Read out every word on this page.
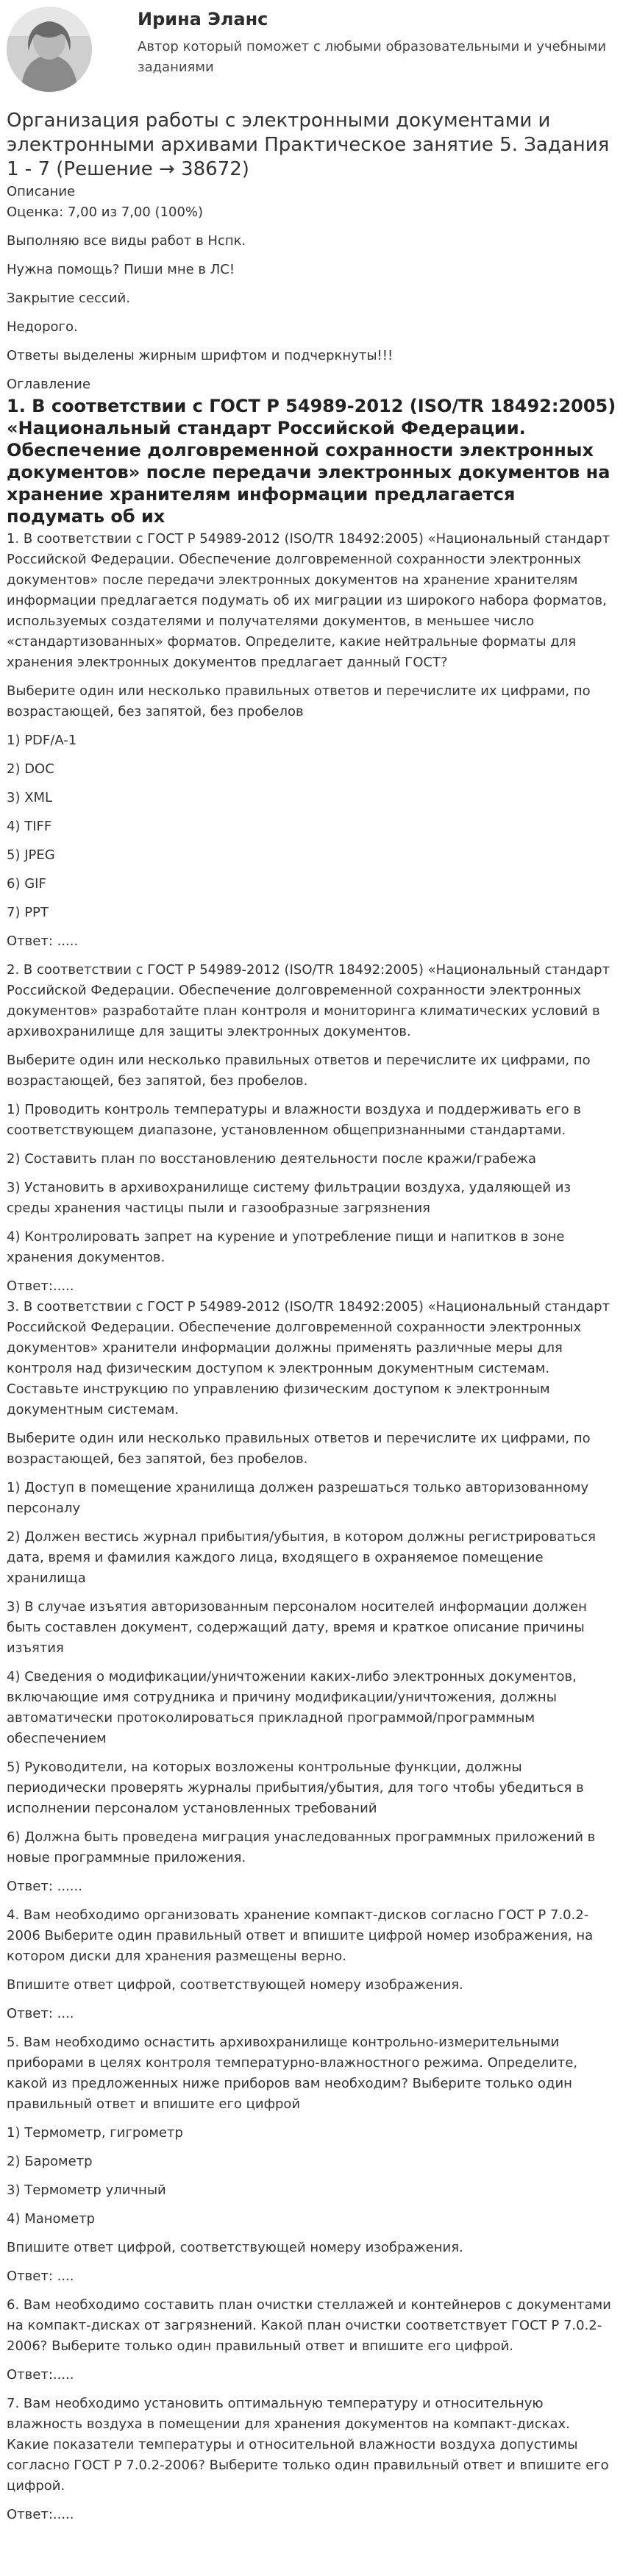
Ирина Эланс
Автор который поможет с любыми образовательными и учебными заданиями
Организация работы с электронными документами и электронными архивами Практическое занятие 5. Задания 1 - 7 (Решение → 38672)

Описание

Оценка: 7,00 из 7,00 (100%)

Выполняю все виды работ в Нспк.

Нужна помощь? Пиши мне в ЛС!

Закрытие сессий.

Недорого.

Ответы выделены жирным шрифтом и подчеркнуты!!!

Оглавление

1. В соответствии с ГОСТ Р 54989-2012 (ISO/TR 18492:2005) «Национальный стандарт Российской Федерации. Обеспечение долговременной сохранности электронных документов» после передачи электронных документов на хранение хранителям информации предлагается подумать об их

1. В соответствии с ГОСТ Р 54989-2012 (ISO/TR 18492:2005) «Национальный стандарт Российской Федерации. Обеспечение долговременной сохранности электронных документов» после передачи электронных документов на хранение хранителям информации предлагается подумать об их миграции из широкого набора форматов, используемых создателями и получателями документов, в меньшее число «стандартизованных» форматов. Определите, какие нейтральные форматы для хранения электронных документов предлагает данный ГОСТ?

Выберите один или несколько правильных ответов и перечислите их цифрами, по возрастающей, без запятой, без пробелов

1) PDF/A-1

2) DOC

3) XML

4) TIFF

5) JPEG

6) GIF

7) PPT

Ответ: .....

2. В соответствии с ГОСТ Р 54989-2012 (ISO/TR 18492:2005) «Национальный стандарт Российской Федерации. Обеспечение долговременной сохранности электронных документов» разработайте план контроля и мониторинга климатических условий в архивохранилище для защиты электронных документов.

Выберите один или несколько правильных ответов и перечислите их цифрами, по возрастающей, без запятой, без пробелов.

1) Проводить контроль температуры и влажности воздуха и поддерживать его в соответствующем диапазоне, установленном общепризнанными стандартами.

2) Составить план по восстановлению деятельности после кражи/грабежа

3) Установить в архивохранилище систему фильтрации воздуха, удаляющей из среды хранения частицы пыли и газообразные загрязнения

4) Контролировать запрет на курение и употребление пищи и напитков в зоне хранения документов.

Ответ:.....

3. В соответствии с ГОСТ Р 54989-2012 (ISO/TR 18492:2005) «Национальный стандарт Российской Федерации. Обеспечение долговременной сохранности электронных документов» хранители информации должны применять различные меры для контроля над физическим доступом к электронным документным системам. Составьте инструкцию по управлению физическим доступом к электронным документным системам.

Выберите один или несколько правильных ответов и перечислите их цифрами, по возрастающей, без запятой, без пробелов.

1) Доступ в помещение хранилища должен разрешаться только авторизованному персоналу

2) Должен вестись журнал прибытия/убытия, в котором должны регистрироваться дата, время и фамилия каждого лица, входящего в охраняемое помещение хранилища

3) В случае изъятия авторизованным персоналом носителей информации должен быть составлен документ, содержащий дату, время и краткое описание причины изъятия

4) Сведения о модификации/уничтожении каких-либо электронных документов, включающие имя сотрудника и причину модификации/уничтожения, должны автоматически протоколироваться прикладной программой/программным обеспечением

5) Руководители, на которых возложены контрольные функции, должны периодически проверять журналы прибытия/убытия, для того чтобы убедиться в исполнении персоналом установленных требований

6) Должна быть проведена миграция унаследованных программных приложений в новые программные приложения.

Ответ: ......

4. Вам необходимо организовать хранение компакт-дисков согласно ГОСТ Р 7.0.2-2006 Выберите один правильный ответ и впишите цифрой номер изображения, на котором диски для хранения размещены верно.

Впишите ответ цифрой, соответствующей номеру изображения.

Ответ: ....

5. Вам необходимо оснастить архивохранилище контрольно-измерительными приборами в целях контроля температурно-влажностного режима. Определите, какой из предложенных ниже приборов вам необходим? Выберите только один правильный ответ и впишите его цифрой

1) Термометр, гигрометр

2) Барометр

3) Термометр уличный

4) Манометр

Впишите ответ цифрой, соответствующей номеру изображения.

Ответ: ....

6. Вам необходимо составить план очистки стеллажей и контейнеров с документами на компакт-дисках от загрязнений. Какой план очистки соответствует ГОСТ Р 7.0.2-2006? Выберите только один правильный ответ и впишите его цифрой.

Ответ:.....

7. Вам необходимо установить оптимальную температуру и относительную влажность воздуха в помещении для хранения документов на компакт-дисках. Какие показатели температуры и относительной влажности воздуха допустимы согласно ГОСТ Р 7.0.2-2006? Выберите только один правильный ответ и впишите его цифрой.

Ответ:.....
